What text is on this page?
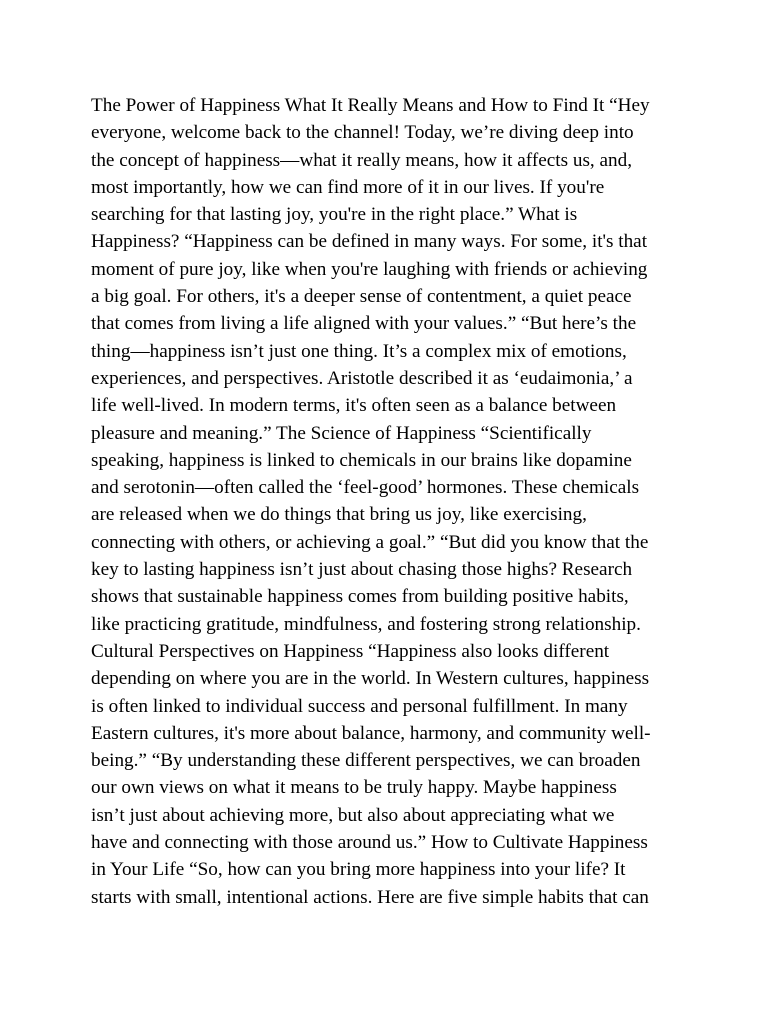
The Power of Happiness What It Really Means and How to Find It “Hey
everyone, welcome back to the channel! Today, we’re diving deep into
the concept of happiness—what it really means, how it affects us, and,
most importantly, how we can find more of it in our lives. If you're
searching for that lasting joy, you're in the right place.” What is
Happiness? “Happiness can be defined in many ways. For some, it's that
moment of pure joy, like when you're laughing with friends or achieving
a big goal. For others, it's a deeper sense of contentment, a quiet peace
that comes from living a life aligned with your values.” “But here’s the
thing—happiness isn’t just one thing. It’s a complex mix of emotions,
experiences, and perspectives. Aristotle described it as ‘eudaimonia,’ a
life well-lived. In modern terms, it's often seen as a balance between
pleasure and meaning.” The Science of Happiness “Scientifically
speaking, happiness is linked to chemicals in our brains like dopamine
and serotonin—often called the ‘feel-good’ hormones. These chemicals
are released when we do things that bring us joy, like exercising,
connecting with others, or achieving a goal.” “But did you know that the
key to lasting happiness isn’t just about chasing those highs? Research
shows that sustainable happiness comes from building positive habits,
like practicing gratitude, mindfulness, and fostering strong relationship.
Cultural Perspectives on Happiness “Happiness also looks different
depending on where you are in the world. In Western cultures, happiness
is often linked to individual success and personal fulfillment. In many
Eastern cultures, it's more about balance, harmony, and community well-
being.” “By understanding these different perspectives, we can broaden
our own views on what it means to be truly happy. Maybe happiness
isn’t just about achieving more, but also about appreciating what we
have and connecting with those around us.” How to Cultivate Happiness
in Your Life “So, how can you bring more happiness into your life? It
starts with small, intentional actions. Here are five simple habits that can
